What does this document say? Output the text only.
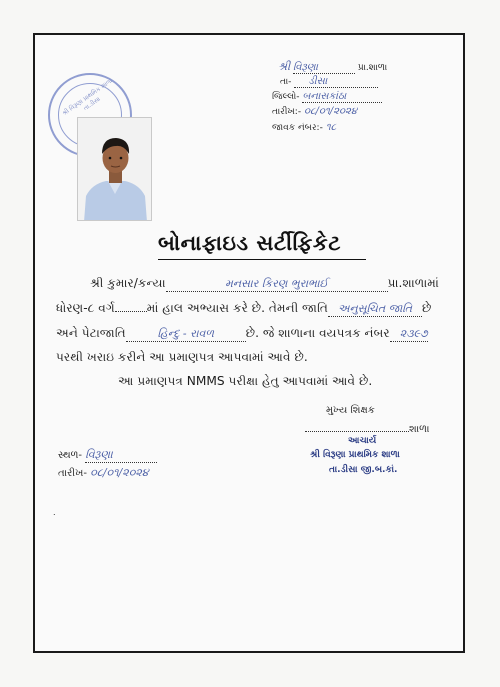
શ્રી વિરૂણા	પ્રા.શાળા
તા- ડીસા
જિલ્લો- બનાસકાંઠા
તારીખ:- ૦૮/૦૧/૨૦૨૪
જાવક નંબર:- ૧૮
શ્રી વિરૂણા પ્રાથમિક શાળા તા.ડીસા
બોનાફાઇડ સર્ટીફિકેટ
શ્રી કુમાર/કન્યા	મનસાર કિરણ ભુરાભાઈ	પ્રા.શાળામાં
ધોરણ-૮ વર્ગ	માં હાલ અભ્યાસ કરે છે. તેમની જાતિ અનુસૂચિત જાતિ છે
અને પેટાજાતિ	હિન્દુ - રાવળ	છે. જે શાળાના વયપત્રક નંબર ૨૩૯૭
પરથી ખરાઇ કરીને આ પ્રમાણપત્ર આપવામાં આવે છે.
આ પ્રમાણપત્ર NMMS પરીક્ષા હેતુ આપવામાં આવે છે.
મુખ્ય શિક્ષક
શાળા
આચાર્ય
શ્રી વિરૂણા પ્રાથમિક શાળા
તા.ડીસા જી.બ.કાં.
સ્થળ- વિરૂણા
તારીખ- ૦૮/૦૧/૨૦૨૪
.
